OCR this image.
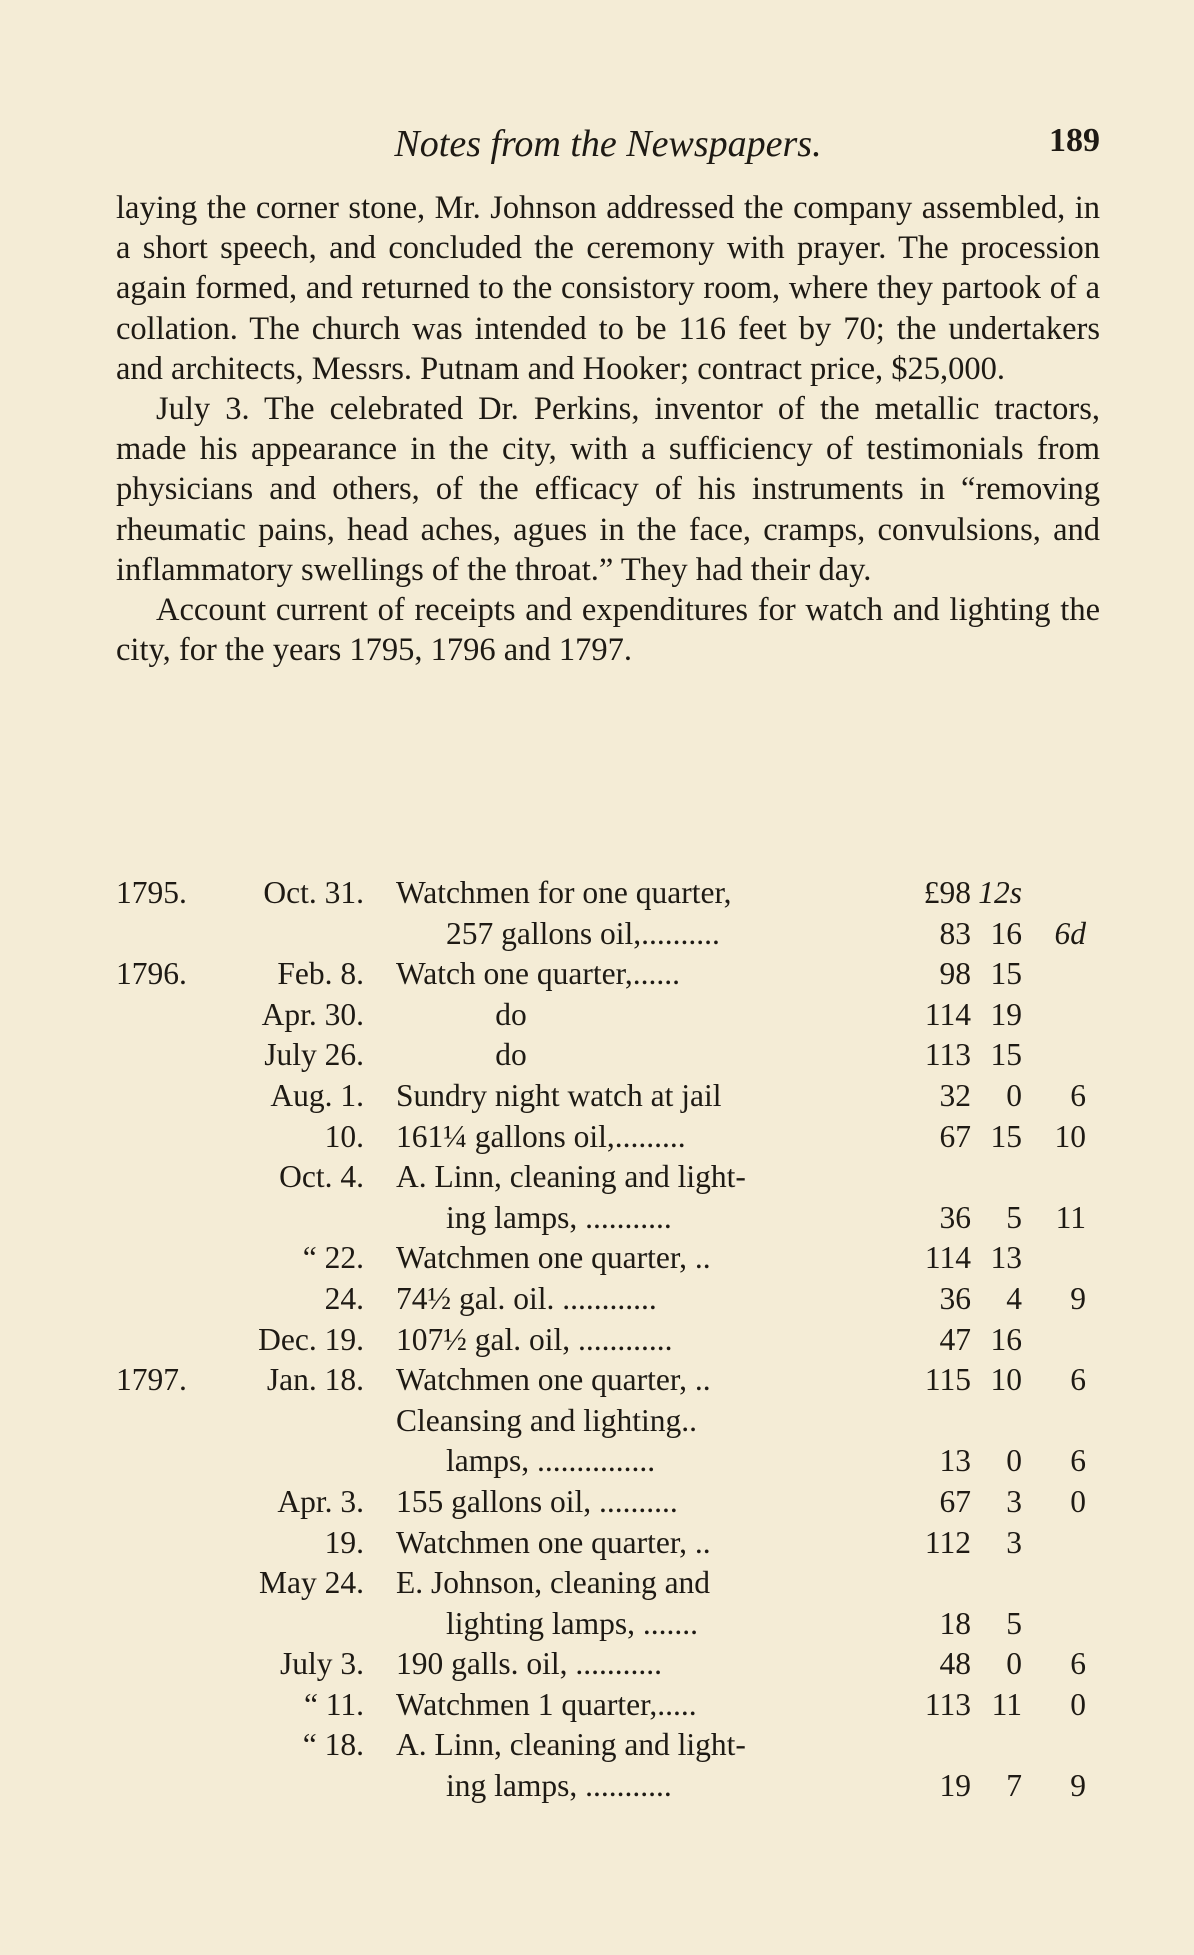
Notes from the Newspapers.	189

laying the corner stone, Mr. Johnson addressed the company assembled, in a short speech, and concluded the ceremony with prayer. The procession again formed, and returned to the consistory room, where they partook of a collation. The church was intended to be 116 feet by 70; the undertakers and architects, Messrs. Putnam and Hooker; contract price, $25,000.

July 3. The celebrated Dr. Perkins, inventor of the metallic tractors, made his appearance in the city, with a sufficiency of testimonials from physicians and others, of the efficacy of his instruments in “removing rheumatic pains, head aches, agues in the face, cramps, convulsions, and inflammatory swellings of the throat.” They had their day.

Account current of receipts and expenditures for watch and lighting the city, for the years 1795, 1796 and 1797.

1795.	Oct. 31. Watchmen for one quarter,	£98 12s
257 gallons oil,..........	83 16	6d
1796.	Feb. 8. Watch one quarter,......	98 15
Apr. 30.	do	114 19
July 26.	do	113 15
Aug. 1. Sundry night watch at jail	32	0	6
10. 161¼ gallons oil,.........	67 15	10
Oct. 4. A. Linn, cleaning and light-
ing lamps, ...........	36	5	11
“ 22. Watchmen one quarter, ..	114 13
24. 74½ gal. oil. ............	36	4	9
Dec. 19. 107½ gal. oil, ............	47 16
1797.	Jan. 18. Watchmen one quarter, ..	115 10	6
Cleansing and lighting..
lamps, ...............	13	0	6
Apr. 3. 155 gallons oil, ..........	67	3	0
19. Watchmen one quarter, ..	112	3
May 24. E. Johnson, cleaning and
lighting lamps, .......	18	5
July 3. 190 galls. oil, ...........	48	0	6
“ 11. Watchmen 1 quarter,.....	113 11	0
“ 18. A. Linn, cleaning and light-
ing lamps, ...........	19	7	9
